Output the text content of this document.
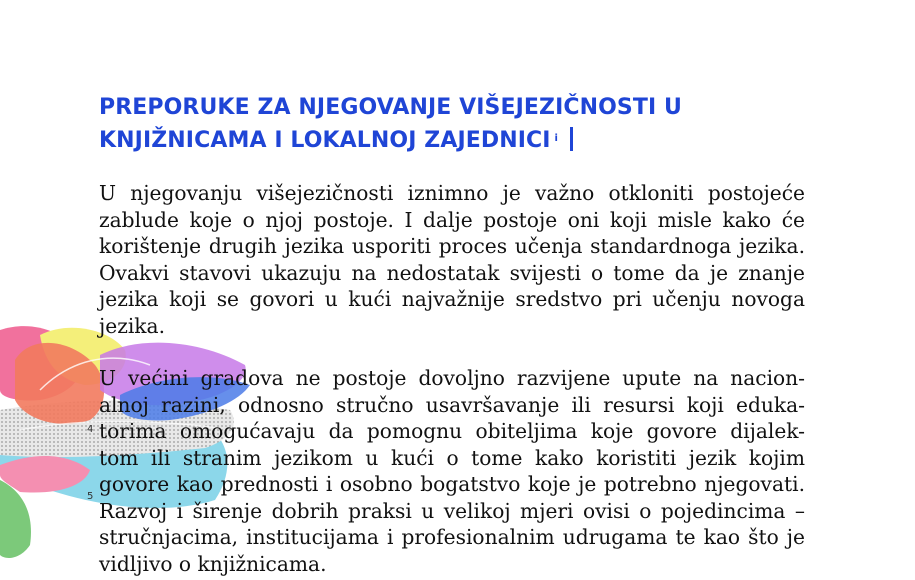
PREPORUKE ZA NJEGOVANJE VIŠEJEZIČNOSTI U
KNJIŽNICAMA I LOKALNOJ ZAJEDNICI $^i$
U njegovanju višejezičnosti iznimno je važno otkloniti postojeće
zablude koje o njoj postoje. I dalje postoje oni koji misle kako će
korištenje drugih jezika usporiti proces učenja standardnoga jezika.
Ovakvi stavovi ukazuju na nedostatak svijesti o tome da je znanje
jezika koji se govori u kući najvažnije sredstvo pri učenju novoga
jezika.
U većini gradova ne postoje dovoljno razvijene upute na nacion-
alnoj razini, odnosno stručno usavršavanje ili resursi koji eduka-
torima omogućavaju da pomognu obiteljima koje govore dijalek-
tom ili stranim jezikom u kući o tome kako koristiti jezik kojim
govore kao prednosti i osobno bogatstvo koje je potrebno njegovati.
Razvoj i širenje dobrih praksi u velikoj mjeri ovisi o pojedincima –
stručnjacima, institucijama i profesionalnim udrugama te kao što je
vidljivo o knjižnicama.
4
5
